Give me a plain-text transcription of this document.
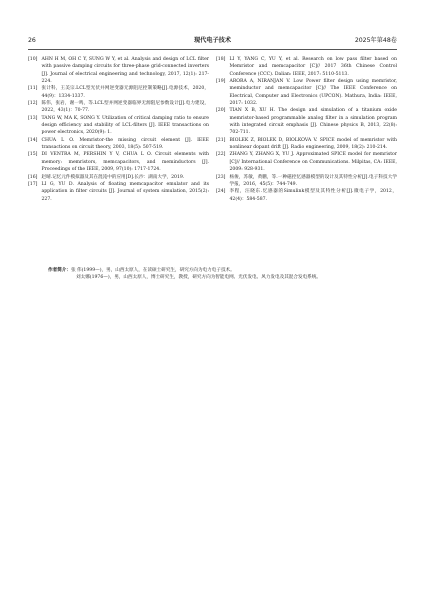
26	现代电子技术	2025年第48卷

[10] AHN H M, OH C Y, SUNG W Y, et al. Analysis and design of LCL filter with passive damping circuits for three-phase grid-connected inverters [J]. Journal of electrical engineering and technology, 2017, 12(1): 217-224.

[11] 张计科，王美宗.LCL型光伏并网逆变器无源阻尼控制策略[J].电源技术，2020，44(9)：1334-1337.

[12] 陈伟，张岩，谢一鸣，等.LCL型并网逆变器临界无源阻尼参数设计[J].电力建设，2022，43(1)：70-77.

[13] TANG W, MA K, SONG Y. Utilization of critical damping ratio to ensure design efficiency and stability of LCL-filters [J]. IEEE transactions on power electronics, 2020(9): 1.

[14] CHUA L O. Memristor-the missing circuit element [J]. IEEE transactions on circuit theory, 2003, 18(5): 507-519.

[15] DI VENTRA M, PERSHIN Y V, CHUA L O. Circuit elements with memory: memristors, memcapacitors, and meminductors [J]. Proceedings of the IEEE, 2009, 97(10): 1717-1724.

[16] 赵晴.记忆元件模拟器及其在混沌中的应用[D].长沙：湖南大学，2019.

[17] LI G, YU D. Analysis of floating memcapacitor emulator and its application in filter circuits [J]. Journal of system simulation, 2015(2): 227.

[18] LI Y, YANG C, YU Y, et al. Research on low pass filter based on Memristor and memcapacitor [C]// 2017 36th Chinese Control Conference (CCC). Dalian: IEEE, 2017: 5110-5113.

[19] ARORA A, NIRANJAN V. Low Power filter design using memristor, meminductor and memcapacitor [C]// The IEEE Conference on Electrical, Computer and Electronics (UPCON). Mathura, India: IEEE, 2017: 1032.

[20] TIAN X B, XU H. The design and simulation of a titanium oxide memristor-based programmable analog filter in a simulation program with integrated circuit emphasis [J]. Chinese physics B, 2013, 22(8): 702-711.

[21] BIOLEK Z, BIOLEK D, BIOLKOVA V. SPICE model of memristor with nonlinear dopant drift [J]. Radio engineering, 2009, 18(2): 210-214.

[22] ZHANG Y, ZHANG X, YU J. Approximated SPICE model for memristor [C]// International Conference on Communications. Milpitas, CA: IEEE, 2009: 928-931.

[23] 杨俊，苏敏，黄鹏，等.一种磁控忆感器模型的设计及其特性分析[J].电子科技大学学报，2016，45(5)：744-749.

[24] 李程，汪晓东.忆感器的Simulink模型及其特性分析[J].微电子学，2012，42(4)：584-587.

作者简介：张 伟(1999—)，男，山西太原人，在读硕士研究生，研究方向为电力电子技术。
刘太娜(1976—)，男，山西太原人，博士研究生，教授，研究方向为智能电网、光伏发电、风力发电及其混合发电系统。
